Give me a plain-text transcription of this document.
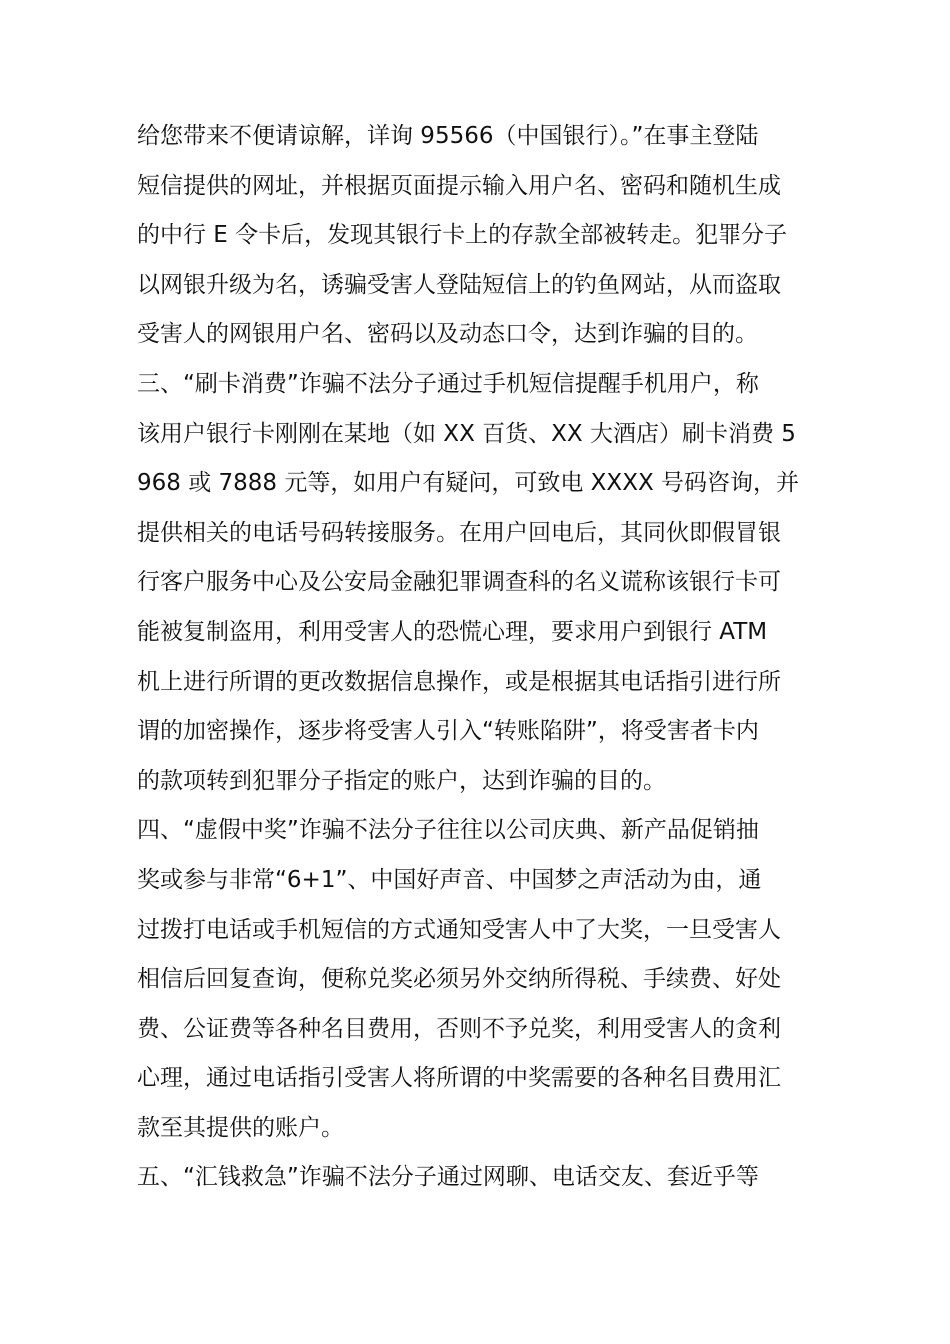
给您带来不便请谅解，详询 95566（中国银行）。”在事主登陆
短信提供的网址，并根据页面提示输入用户名、密码和随机生成
的中行 E 令卡后，发现其银行卡上的存款全部被转走。犯罪分子
以网银升级为名，诱骗受害人登陆短信上的钓鱼网站，从而盗取
受害人的网银用户名、密码以及动态口令，达到诈骗的目的。
三、“刷卡消费”诈骗不法分子通过手机短信提醒手机用户，称
该用户银行卡刚刚在某地（如 XX 百货、XX 大酒店）刷卡消费 5
968 或 7888 元等，如用户有疑问，可致电 XXXX 号码咨询，并
提供相关的电话号码转接服务。在用户回电后，其同伙即假冒银
行客户服务中心及公安局金融犯罪调查科的名义谎称该银行卡可
能被复制盗用，利用受害人的恐慌心理，要求用户到银行 ATM
机上进行所谓的更改数据信息操作，或是根据其电话指引进行所
谓的加密操作，逐步将受害人引入“转账陷阱”，将受害者卡内
的款项转到犯罪分子指定的账户，达到诈骗的目的。
四、“虚假中奖”诈骗不法分子往往以公司庆典、新产品促销抽
奖或参与非常“6+1”、中国好声音、中国梦之声活动为由，通
过拨打电话或手机短信的方式通知受害人中了大奖，一旦受害人
相信后回复查询，便称兑奖必须另外交纳所得税、手续费、好处
费、公证费等各种名目费用，否则不予兑奖，利用受害人的贪利
心理，通过电话指引受害人将所谓的中奖需要的各种名目费用汇
款至其提供的账户。
五、“汇钱救急”诈骗不法分子通过网聊、电话交友、套近乎等
